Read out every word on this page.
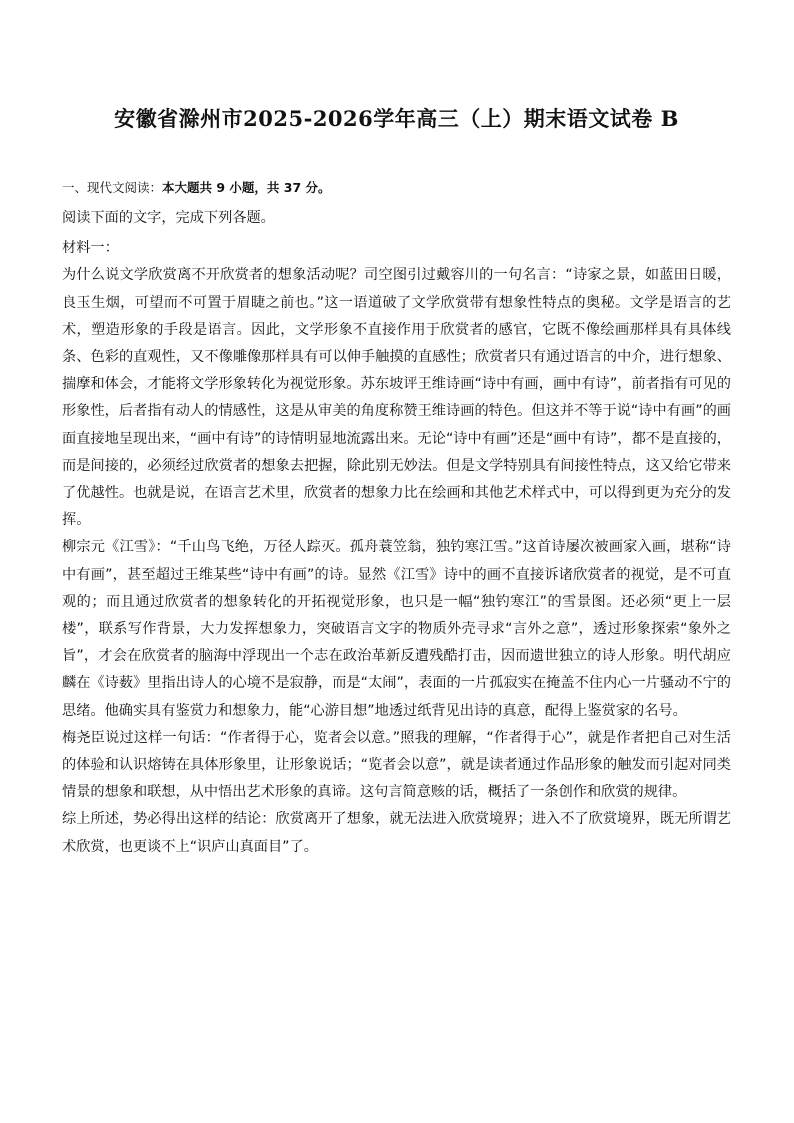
安徽省滁州市2025-2026学年高三（上）期末语文试卷 B

一、现代文阅读：本大题共 9 小题，共 37 分。

阅读下面的文字，完成下列各题。

材料一：

为什么说文学欣赏离不开欣赏者的想象活动呢？司空图引过戴容川的一句名言：“诗家之景，如蓝田日暖，良玉生烟，可望而不可置于眉睫之前也。”这一语道破了文学欣赏带有想象性特点的奥秘。文学是语言的艺术，塑造形象的手段是语言。因此，文学形象不直接作用于欣赏者的感官，它既不像绘画那样具有具体线条、色彩的直观性，又不像雕像那样具有可以伸手触摸的直感性；欣赏者只有通过语言的中介，进行想象、揣摩和体会，才能将文学形象转化为视觉形象。苏东坡评王维诗画“诗中有画，画中有诗”，前者指有可见的形象性，后者指有动人的情感性，这是从审美的角度称赞王维诗画的特色。但这并不等于说“诗中有画”的画面直接地呈现出来，“画中有诗”的诗情明显地流露出来。无论“诗中有画”还是“画中有诗”，都不是直接的，而是间接的，必须经过欣赏者的想象去把握，除此别无妙法。但是文学特别具有间接性特点，这又给它带来了优越性。也就是说，在语言艺术里，欣赏者的想象力比在绘画和其他艺术样式中，可以得到更为充分的发挥。

柳宗元《江雪》：“千山鸟飞绝，万径人踪灭。孤舟蓑笠翁，独钓寒江雪。”这首诗屡次被画家入画，堪称“诗中有画”，甚至超过王维某些“诗中有画”的诗。显然《江雪》诗中的画不直接诉诸欣赏者的视觉，是不可直观的；而且通过欣赏者的想象转化的开拓视觉形象，也只是一幅“独钓寒江”的雪景图。还必须“更上一层楼”，联系写作背景，大力发挥想象力，突破语言文字的物质外壳寻求“言外之意”，透过形象探索“象外之旨”，才会在欣赏者的脑海中浮现出一个志在政治革新反遭残酷打击，因而遗世独立的诗人形象。明代胡应麟在《诗薮》里指出诗人的心境不是寂静，而是“太闹”，表面的一片孤寂实在掩盖不住内心一片骚动不宁的思绪。他确实具有鉴赏力和想象力，能“心游目想”地透过纸背见出诗的真意，配得上鉴赏家的名号。

梅尧臣说过这样一句话：“作者得于心，览者会以意。”照我的理解，“作者得于心”，就是作者把自己对生活的体验和认识熔铸在具体形象里，让形象说话；“览者会以意”，就是读者通过作品形象的触发而引起对同类情景的想象和联想，从中悟出艺术形象的真谛。这句言简意赅的话，概括了一条创作和欣赏的规律。

综上所述，势必得出这样的结论：欣赏离开了想象，就无法进入欣赏境界；进入不了欣赏境界，既无所谓艺术欣赏，也更谈不上“识庐山真面目”了。
